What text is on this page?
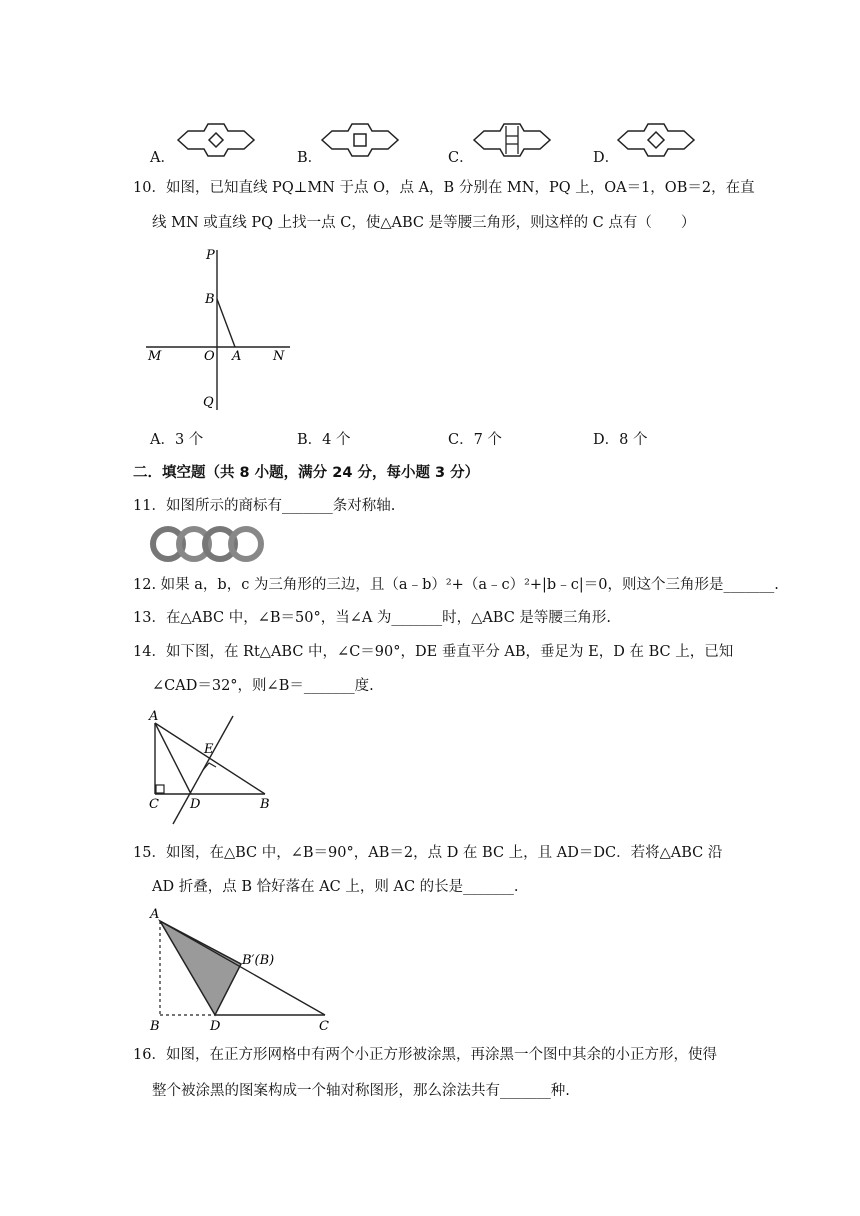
A．	B．	C．	D．
10．如图，已知直线 PQ⊥MN 于点 O，点 A，B 分别在 MN，PQ 上，OA＝1，OB＝2，在直
线 MN 或直线 PQ 上找一点 C，使△ABC 是等腰三角形，则这样的 C 点有（　　）
P
B
M	O A N
Q
A．3 个	B．4 个	C．7 个	D．8 个
二．填空题（共 8 小题，满分 24 分，每小题 3 分）
11．如图所示的商标有_______条对称轴.
12. 如果 a，b，c 为三角形的三边，且（a﹣b）²+（a﹣c）²+|b﹣c|＝0，则这个三角形是_______.
13．在△ABC 中，∠B＝50°，当∠A 为_______时，△ABC 是等腰三角形.
14．如下图，在 Rt△ABC 中，∠C＝90°，DE 垂直平分 AB，垂足为 E，D 在 BC 上，已知
∠CAD＝32°，则∠B＝_______度.
A
E
C D	B
15．如图，在△BC 中，∠B＝90°，AB＝2，点 D 在 BC 上，且 AD＝DC．若将△ABC 沿
AD 折叠，点 B 恰好落在 AC 上，则 AC 的长是_______.
A
B′(B)
B	D	C
16．如图，在正方形网格中有两个小正方形被涂黑，再涂黑一个图中其余的小正方形，使得
整个被涂黑的图案构成一个轴对称图形，那么涂法共有_______种.
